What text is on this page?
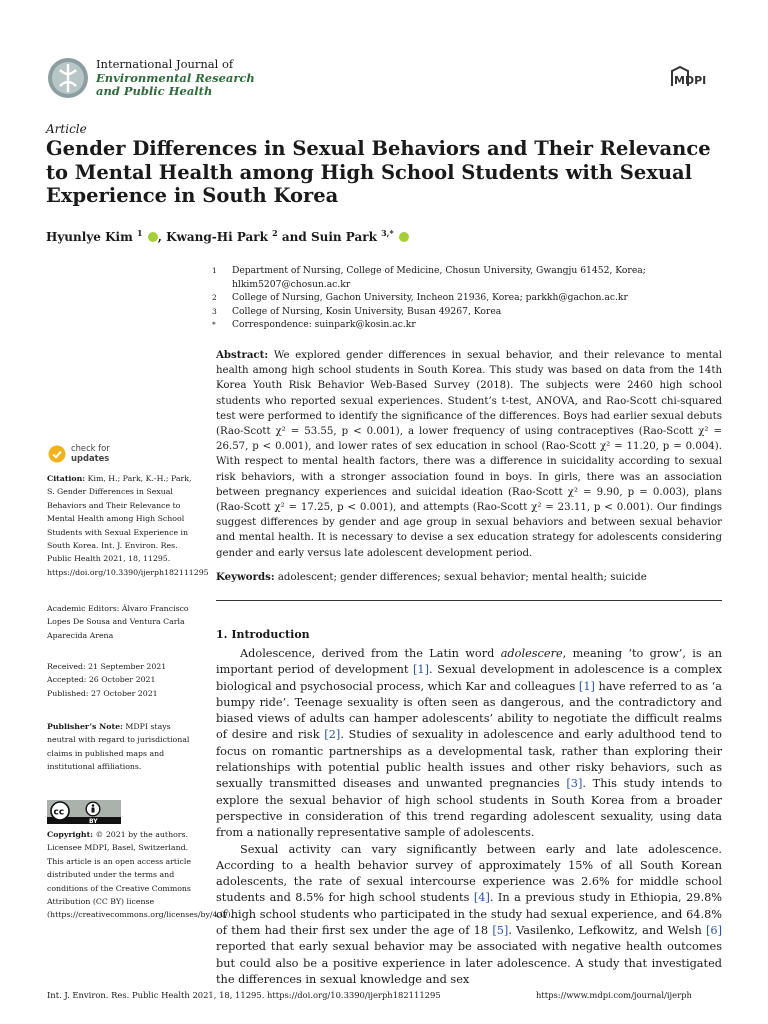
International Journal of
Environmental Research
and Public Health
MDPI
Article
Gender Differences in Sexual Behaviors and Their Relevance to Mental Health among High School Students with Sexual Experience in South Korea
Hyunlye Kim $^1$ , Kwang-Hi Park $^2$ and Suin Park $^{3,*}$
1	Department of Nursing, College of Medicine, Chosun University, Gwangju 61452, Korea; hlkim5207@chosun.ac.kr
2	College of Nursing, Gachon University, Incheon 21936, Korea; parkkh@gachon.ac.kr
3	College of Nursing, Kosin University, Busan 49267, Korea
*	Correspondence: suinpark@kosin.ac.kr

Abstract: We explored gender differences in sexual behavior, and their relevance to mental health among high school students in South Korea. This study was based on data from the 14th Korea Youth Risk Behavior Web-Based Survey (2018). The subjects were 2460 high school students who reported sexual experiences. Student’s t-test, ANOVA, and Rao-Scott chi-squared test were performed to identify the significance of the differences. Boys had earlier sexual debuts (Rao-Scott χ² = 53.55, p < 0.001), a lower frequency of using contraceptives (Rao-Scott χ² = 26.57, p < 0.001), and lower rates of sex education in school (Rao-Scott χ² = 11.20, p = 0.004). With respect to mental health factors, there was a difference in suicidality according to sexual risk behaviors, with a stronger association found in boys. In girls, there was an association between pregnancy experiences and suicidal ideation (Rao-Scott χ² = 9.90, p = 0.003), plans (Rao-Scott χ² = 17.25, p < 0.001), and attempts (Rao-Scott χ² = 23.11, p < 0.001). Our findings suggest differences by gender and age group in sexual behaviors and between sexual behavior and mental health. It is necessary to devise a sex education strategy for adolescents considering gender and early versus late adolescent development period.

Keywords: adolescent; gender differences; sexual behavior; mental health; suicide

1. Introduction

Adolescence, derived from the Latin word adolescere, meaning ‘to grow’, is an important period of development [1]. Sexual development in adolescence is a complex biological and psychosocial process, which Kar and colleagues [1] have referred to as ‘a bumpy ride’. Teenage sexuality is often seen as dangerous, and the contradictory and biased views of adults can hamper adolescents’ ability to negotiate the difficult realms of desire and risk [2]. Studies of sexuality in adolescence and early adulthood tend to focus on romantic partnerships as a developmental task, rather than exploring their relationships with potential public health issues and other risky behaviors, such as sexually transmitted diseases and unwanted pregnancies [3]. This study intends to explore the sexual behavior of high school students in South Korea from a broader perspective in consideration of this trend regarding adolescent sexuality, using data from a nationally representative sample of adolescents.

Sexual activity can vary significantly between early and late adolescence. According to a health behavior survey of approximately 15% of all South Korean adolescents, the rate of sexual intercourse experience was 2.6% for middle school students and 8.5% for high school students [4]. In a previous study in Ethiopia, 29.8% of high school students who participated in the study had sexual experience, and 64.8% of them had their first sex under the age of 18 [5]. Vasilenko, Lefkowitz, and Welsh [6] reported that early sexual behavior may be associated with negative health outcomes but could also be a positive experience in later adolescence. A study that investigated the differences in sexual knowledge and sex

check for
updates
Citation: Kim, H.; Park, K.-H.; Park, S. Gender Differences in Sexual Behaviors and Their Relevance to Mental Health among High School Students with Sexual Experience in South Korea. Int. J. Environ. Res. Public Health 2021, 18, 11295. https://doi.org/10.3390/ijerph182111295
Academic Editors: Álvaro Francisco Lopes De Sousa and Ventura Carla Aparecida Arena
Received: 21 September 2021
Accepted: 26 October 2021
Published: 27 October 2021
Publisher’s Note: MDPI stays neutral with regard to jurisdictional claims in published maps and institutional affiliations.
cc
BY
Copyright: © 2021 by the authors. Licensee MDPI, Basel, Switzerland. This article is an open access article distributed under the terms and conditions of the Creative Commons Attribution (CC BY) license (https://creativecommons.org/licenses/by/4.0/).
Int. J. Environ. Res. Public Health 2021, 18, 11295. https://doi.org/10.3390/ijerph182111295	https://www.mdpi.com/journal/ijerph
